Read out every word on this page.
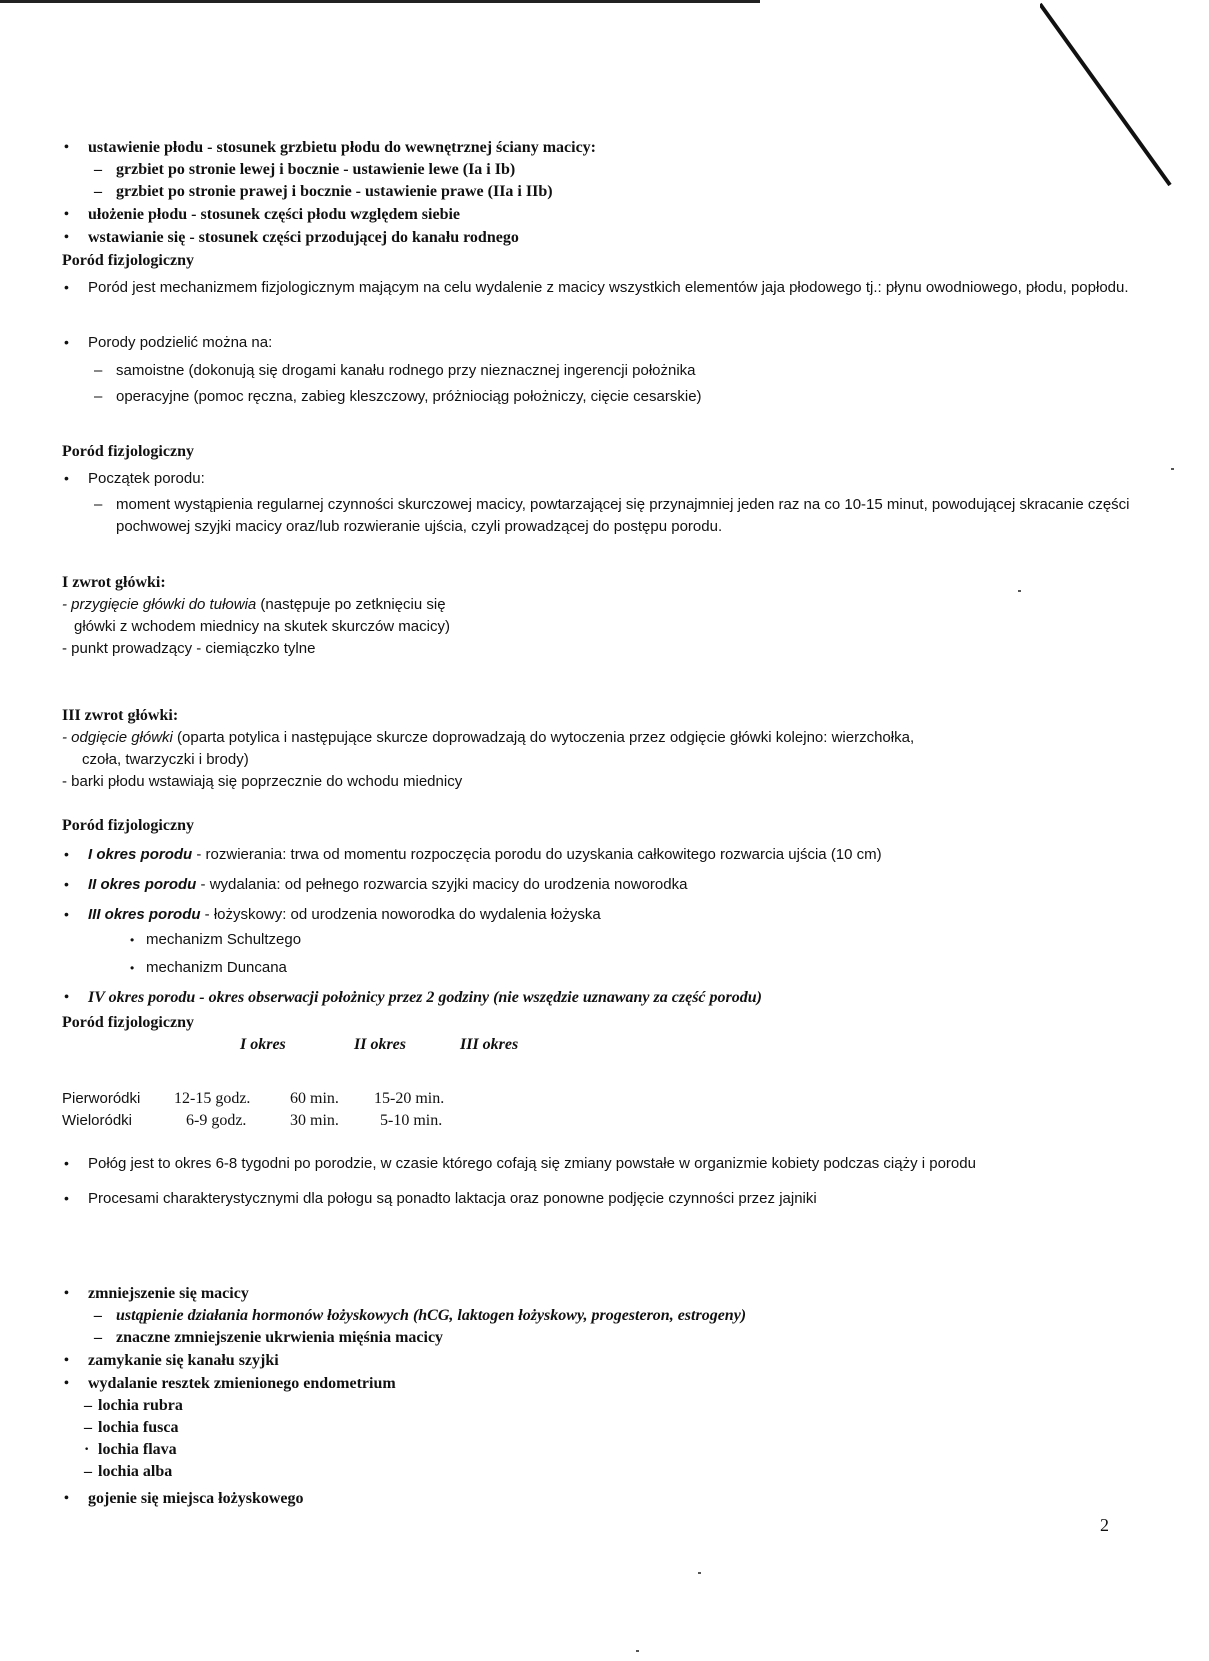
• ustawienie płodu - stosunek grzbietu płodu do wewnętrznej ściany macicy:
– grzbiet po stronie lewej i bocznie - ustawienie lewe (Ia i Ib)
– grzbiet po stronie prawej i bocznie - ustawienie prawe (IIa i IIb)
• ułożenie płodu - stosunek części płodu względem siebie
• wstawianie się - stosunek części przodującej do kanału rodnego
Poród fizjologiczny
• Poród jest mechanizmem fizjologicznym mającym na celu wydalenie z macicy wszystkich elementów jaja płodowego tj.: płynu owodniowego, płodu, popłodu.
• Porody podzielić można na:
– samoistne (dokonują się drogami kanału rodnego przy nieznacznej ingerencji położnika
– operacyjne (pomoc ręczna, zabieg kleszczowy, próżniociąg położniczy, cięcie cesarskie)
Poród fizjologiczny
• Początek porodu:
– moment wystąpienia regularnej czynności skurczowej macicy, powtarzającej się przynajmniej jeden raz na co 10-15 minut, powodującej skracanie części pochwowej szyjki macicy oraz/lub rozwieranie ujścia, czyli prowadzącej do postępu porodu.
I zwrot główki:
- przygięcie główki do tułowia (następuje po zetknięciu się
główki z wchodem miednicy na skutek skurczów macicy)
- punkt prowadzący - ciemiączko tylne
III zwrot główki:
- odgięcie główki (oparta potylica i następujące skurcze doprowadzają do wytoczenia przez odgięcie główki kolejno: wierzchołka,
czoła, twarzyczki i brody)
- barki płodu wstawiają się poprzecznie do wchodu miednicy
Poród fizjologiczny
• I okres porodu - rozwierania: trwa od momentu rozpoczęcia porodu do uzyskania całkowitego rozwarcia ujścia (10 cm)
• II okres porodu - wydalania: od pełnego rozwarcia szyjki macicy do urodzenia noworodka
• III okres porodu - łożyskowy: od urodzenia noworodka do wydalenia łożyska
• mechanizm Schultzego
• mechanizm Duncana
• IV okres porodu - okres obserwacji położnicy przez 2 godziny (nie wszędzie uznawany za część porodu)
Poród fizjologiczny
I okres	II okres	III okres
Pierworódki 12-15 godz. 60 min. 15-20 min.
Wieloródki	6-9 godz.	30 min.	5-10 min.
• Połóg jest to okres 6-8 tygodni po porodzie, w czasie którego cofają się zmiany powstałe w organizmie kobiety podczas ciąży i porodu
• Procesami charakterystycznymi dla połogu są ponadto laktacja oraz ponowne podjęcie czynności przez jajniki
• zmniejszenie się macicy
– ustąpienie działania hormonów łożyskowych (hCG, laktogen łożyskowy, progesteron, estrogeny)
– znaczne zmniejszenie ukrwienia mięśnia macicy
• zamykanie się kanału szyjki
• wydalanie resztek zmienionego endometrium
– lochia rubra
– lochia fusca
· lochia flava
– lochia alba
• gojenie się miejsca łożyskowego
2
